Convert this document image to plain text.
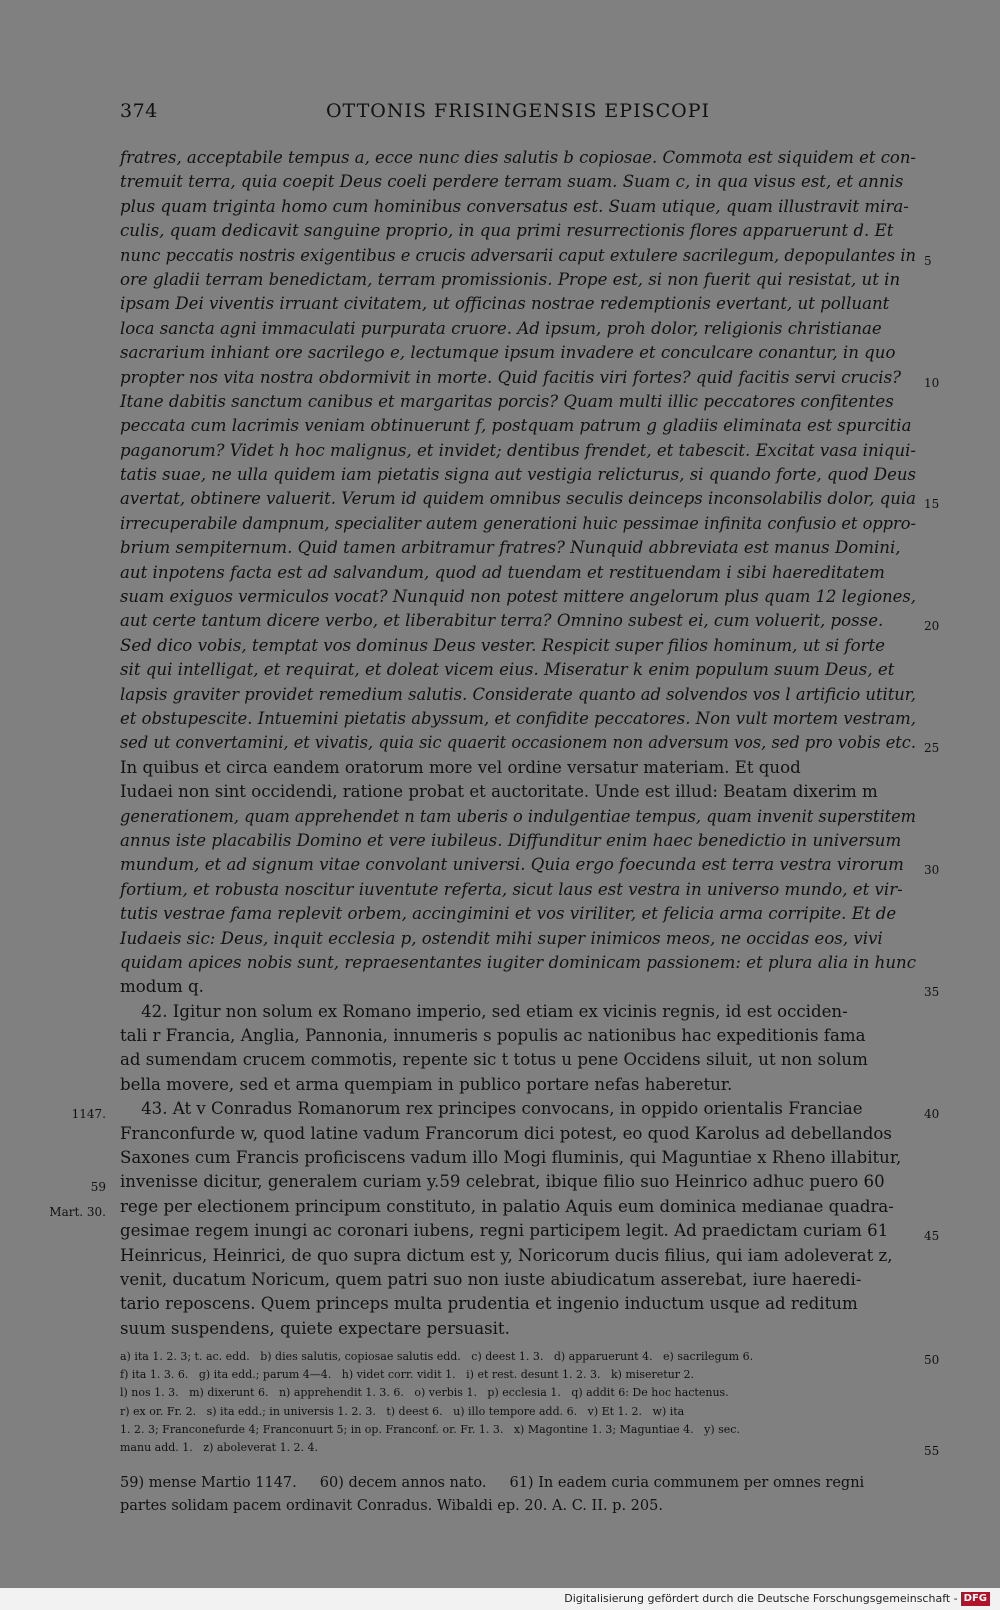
374	OTTONIS FRISINGENSIS EPISCOPI
fratres, acceptabile tempus a, ecce nunc dies salutis b copiosae. Commota est siquidem et con-
tremuit terra, quia coepit Deus coeli perdere terram suam. Suam c, in qua visus est, et annis
plus quam triginta homo cum hominibus conversatus est. Suam utique, quam illustravit mira-
culis, quam dedicavit sanguine proprio, in qua primi resurrectionis flores apparuerunt d. Et
nunc peccatis nostris exigentibus e crucis adversarii caput extulere sacrilegum, depopulantes in 5
ore gladii terram benedictam, terram promissionis. Prope est, si non fuerit qui resistat, ut in
ipsam Dei viventis irruant civitatem, ut officinas nostrae redemptionis evertant, ut polluant
loca sancta agni immaculati purpurata cruore. Ad ipsum, proh dolor, religionis christianae
sacrarium inhiant ore sacrilego e, lectumque ipsum invadere et conculcare conantur, in quo
propter nos vita nostra obdormivit in morte. Quid facitis viri fortes? quid facitis servi crucis? 10
Itane dabitis sanctum canibus et margaritas porcis? Quam multi illic peccatores confitentes
peccata cum lacrimis veniam obtinuerunt f, postquam patrum g gladiis eliminata est spurcitia
paganorum? Videt h hoc malignus, et invidet; dentibus frendet, et tabescit. Excitat vasa iniqui-
tatis suae, ne ulla quidem iam pietatis signa aut vestigia relicturus, si quando forte, quod Deus
avertat, obtinere valuerit. Verum id quidem omnibus seculis deinceps inconsolabilis dolor, quia 15
irrecuperabile dampnum, specialiter autem generationi huic pessimae infinita confusio et oppro-
brium sempiternum. Quid tamen arbitramur fratres? Nunquid abbreviata est manus Domini,
aut inpotens facta est ad salvandum, quod ad tuendam et restituendam i sibi haereditatem
suam exiguos vermiculos vocat? Nunquid non potest mittere angelorum plus quam 12 legiones,
aut certe tantum dicere verbo, et liberabitur terra? Omnino subest ei, cum voluerit, posse.	20
Sed dico vobis, temptat vos dominus Deus vester. Respicit super filios hominum, ut si forte
sit qui intelligat, et requirat, et doleat vicem eius. Miseratur k enim populum suum Deus, et
lapsis graviter providet remedium salutis. Considerate quanto ad solvendos vos l artificio utitur,
et obstupescite. Intuemini pietatis abyssum, et confidite peccatores. Non vult mortem vestram,
sed ut convertamini, et vivatis, quia sic quaerit occasionem non adversum vos, sed pro vobis etc. 25
In quibus et circa eandem oratorum more vel ordine versatur materiam. Et quod
Iudaei non sint occidendi, ratione probat et auctoritate. Unde est illud: Beatam dixerim m
generationem, quam apprehendet n tam uberis o indulgentiae tempus, quam invenit superstitem
annus iste placabilis Domino et vere iubileus. Diffunditur enim haec benedictio in universum
mundum, et ad signum vitae convolant universi. Quia ergo foecunda est terra vestra virorum 30
fortium, et robusta noscitur iuventute referta, sicut laus est vestra in universo mundo, et vir-
tutis vestrae fama replevit orbem, accingimini et vos viriliter, et felicia arma corripite. Et de
Iudaeis sic: Deus, inquit ecclesia p, ostendit mihi super inimicos meos, ne occidas eos, vivi
quidam apices nobis sunt, repraesentantes iugiter dominicam passionem: et plura alia in hunc
modum q.	35
42. Igitur non solum ex Romano imperio, sed etiam ex vicinis regnis, id est occiden-
tali r Francia, Anglia, Pannonia, innumeris s populis ac nationibus hac expeditionis fama
ad sumendam crucem commotis, repente sic t totus u pene Occidens siluit, ut non solum
bella movere, sed et arma quempiam in publico portare nefas haberetur.
43. At v Conradus Romanorum rex principes convocans, in oppido orientalis Franciae	40
1147.
Franconfurde w, quod latine vadum Francorum dici potest, eo quod Karolus ad debellandos
Saxones cum Francis proficiscens vadum illo Mogi fluminis, qui Maguntiae x Rheno illabitur,
invenisse dicitur, generalem curiam y.59 celebrat, ibique filio suo Heinrico adhuc puero 60
59
rege per electionem principum constituto, in palatio Aquis eum dominica medianae quadra-
Mart. 30.
gesimae regem inungi ac coronari iubens, regni participem legit. Ad praedictam curiam 61	45
Heinricus, Heinrici, de quo supra dictum est y, Noricorum ducis filius, qui iam adoleverat z,
venit, ducatum Noricum, quem patri suo non iuste abiudicatum asserebat, iure haeredi-
tario reposcens. Quem princeps multa prudentia et ingenio inductum usque ad reditum
suum suspendens, quiete expectare persuasit.
a) ita 1. 2. 3; t. ac. edd.   b) dies salutis, copiosae salutis edd.   c) deest 1. 3.   d) apparuerunt 4.   e) sacrilegum 6.	50
f) ita 1. 3. 6.   g) ita edd.; parum 4—4.   h) videt corr. vidit 1.   i) et rest. desunt 1. 2. 3.   k) miseretur 2.
l) nos 1. 3.   m) dixerunt 6.   n) apprehendit 1. 3. 6.   o) verbis 1.   p) ecclesia 1.   q) addit 6: De hoc hactenus.
r) ex or. Fr. 2.   s) ita edd.; in universis 1. 2. 3.   t) deest 6.   u) illo tempore add. 6.   v) Et 1. 2.   w) ita
1. 2. 3; Franconefurde 4; Franconuurt 5; in op. Franconf. or. Fr. 1. 3.   x) Magontine 1. 3; Maguntiae 4.   y) sec.
manu add. 1.   z) aboleverat 1. 2. 4.	55
59) mense Martio 1147.     60) decem annos nato.     61) In eadem curia communem per omnes regni
partes solidam pacem ordinavit Conradus. Wibaldi ep. 20. A. C. II. p. 205.
Digitalisierung gefördert durch die Deutsche Forschungsgemeinschaft - DFG
